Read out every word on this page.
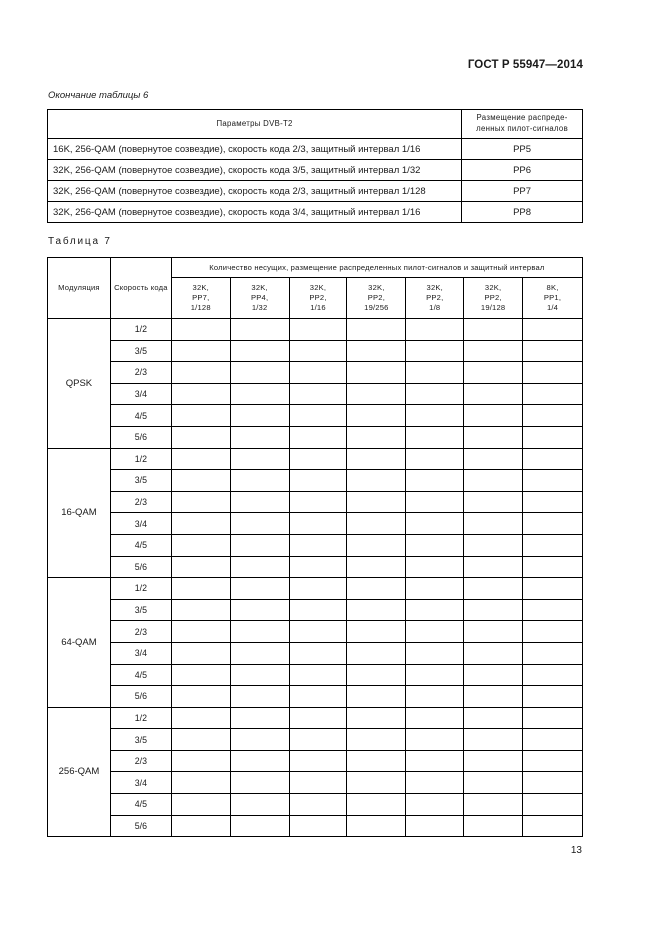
ГОСТ Р 55947—2014
Окончание таблицы 6
Параметры DVB-T2	Размещение распреде-ленных пилот-сигналов
16K, 256-QAM (повернутое созвездие), скорость кода 2/3, защитный интервал 1/16	PP5
32K, 256-QAM (повернутое созвездие), скорость кода 3/5, защитный интервал 1/32	PP6
32K, 256-QAM (повернутое созвездие), скорость кода 2/3, защитный интервал 1/128	PP7
32K, 256-QAM (повернутое созвездие), скорость кода 3/4, защитный интервал 1/16	PP8
Таблица 7
Модуляция	Скорость кода	Количество несущих, размещение распределенных пилот-сигналов и защитный интервал						
		32K,
PP7,
1/128	32K,
PP4,
1/32	32K,
PP2,
1/16	32K,
PP2,
19/256	32K,
PP2,
1/8	32K,
PP2,
19/128	8K,
PP1,
1/4
QPSK	1/2							
	3/5							
	2/3							
	3/4							
	4/5							
	5/6							
16-QAM	1/2							
	3/5							
	2/3							
	3/4							
	4/5							
	5/6							
64-QAM	1/2							
	3/5							
	2/3							
	3/4							
	4/5							
	5/6							
256-QAM	1/2							
	3/5							
	2/3							
	3/4							
	4/5							
	5/6							
13
